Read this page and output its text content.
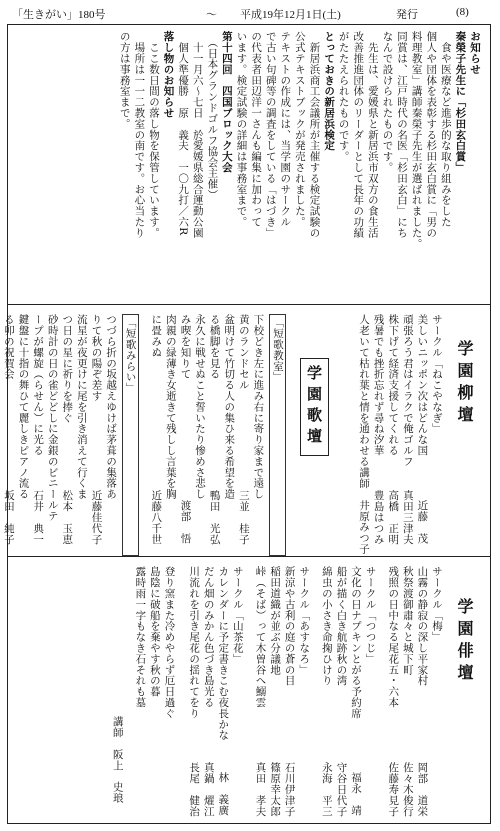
「生きがい」180号	〜 平成19年12月1日(土)	発行	(8)
お知らせ
秦榮子先生に「杉田玄白賞」
　食や医療など進歩的な取り組みをした
個人や団体を表彰する杉田玄白賞に「男の
料理教室」講師秦榮子先生が選ばれました。
同賞は、江戸時代の名医「杉田玄白」にち
なんで設けられたものです。
　先生は、愛媛県と新居浜市双方の食生活
改善推進団体のリーダーとして長年の功績
がたたえられたものです。
とっておきの新居浜検定
　新居浜商工会議所が主催する検定試験の
公式テキストブックが発売されました。
テキストの作成には、当学園のサークル
で古い句碑等の調査をしている「はづき」
の代表者田辺洋一さんも編集に加わって
います。検定試験の詳細は事務室まで。
第十四回　四国ブロック大会
　（日本グランドゴルフ協会主催）
　十一月六〜七日　於愛媛県総合運動公園
　個人準優勝　原　義夫　一〇九打／六R
落し物のお知らせ
　ここ数日間の落し物を保管しています。
　場所は一一二教室の南です。お心当たり
の方は事務室まで。
学園柳壇
サークル「ねこやなぎ」
美しいニッポン次はどんな国
近藤　茂
頑張ろう君はイラクで俺ゴルフ
真田三津夫
株下げて経済支援してくれる
高橋　正明
残暑でも挫折忘れず尋ね汐華
豊島はつみ
人老いて枯れ葉と情を通わせる
講師　井原みつ子
学園歌壇
「短歌教室」
下校どき左に進み右に寄り家まで遠し
黄のランドセル
三並　桂子
盆明けて竹切る人の集ひ来る希望を造
る橋脚を見る
鴨田　光弘
永久に戦せぬこと誓いたり惨めさ悲し
み喫を知りて
渡部　悟
肉親の緑薄き女逝きて残しし言葉を胸
に畳みぬ
近藤八千世
「短歌みらい」
つづら折の坂越えゆけば茅葺の集落あ
りて秋の陽ぞ差す
近藤佳代子
流星が夜更けに尾を引き消えて行くま
つ日の星に祈りを捧ぐ
松本　玉恵
砂時計の日の雀どどしに金銀のビニールテ
ープが螺旋（らせん）に光る
石井　典一
鍵盤に十指の舞ひて麗しきピアノ流る
る卯の祝賀会
坂田　純子
学園俳壇
サークル「梅」
山霧の静寂の深し平家村
岡部　道栄
秋祭渡御肅々と城下町
佐々木俊行
残照の日中なる尾花五・六本
佐藤寿見子
サークル「つつじ」
文化の日ナプキンとがる予約席
福永　靖
船が描く白き航跡秋の湾
守谷日代子
綿虫の小さき命掬ひけり
永海　平三
サークル「あすなろ」
新涼や古利の庭の蒼の目
石川伊津子
稲田道織が並ぶ分議地
篠原幸太郎
峠（そば）って木曽谷へ鰯雲
真田　孝夫
サークル「山茶花」
カレンダーに予定書きこむ夜長かな
林　義廣
だん畑のみかん色づき島光る
真鍋　燿江
川流れを引き尾花の揺れてをり
長尾　健治
登り窯また冷めやらず厄日過ぐ
島陰に破船を棄やす秋の暮
露時雨一字もなき石それも墓
講師　阪上　史琅
